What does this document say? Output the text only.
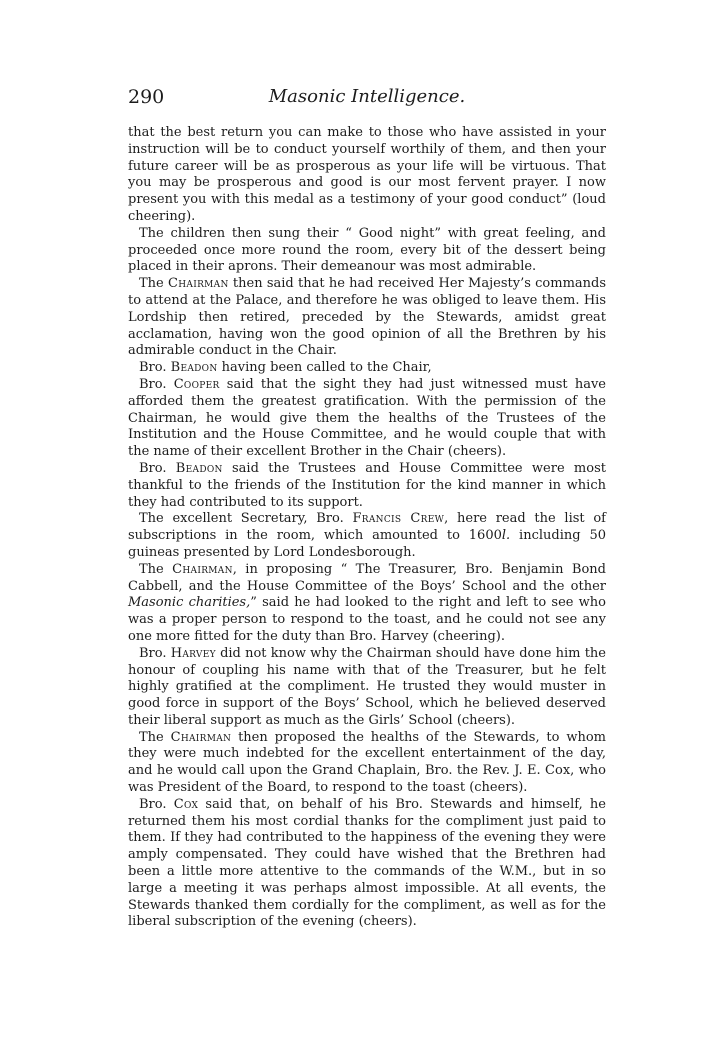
290	Masonic Intelligence.

that the best return you can make to those who have assisted in your instruction will be to conduct yourself worthily of them, and then your future career will be as prosperous as your life will be virtuous. That you may be prosperous and good is our most fervent prayer. I now present you with this medal as a testimony of your good conduct” (loud cheering).

The children then sung their “ Good night” with great feeling, and proceeded once more round the room, every bit of the dessert being placed in their aprons. Their demeanour was most admirable.

The Chairman then said that he had received Her Majesty’s commands to attend at the Palace, and therefore he was obliged to leave them. His Lordship then retired, preceded by the Stewards, amidst great acclamation, having won the good opinion of all the Brethren by his admirable conduct in the Chair.

Bro. Beadon having been called to the Chair,

Bro. Cooper said that the sight they had just witnessed must have afforded them the greatest gratification. With the permission of the Chairman, he would give them the healths of the Trustees of the Institution and the House Committee, and he would couple that with the name of their excellent Brother in the Chair (cheers).

Bro. Beadon said the Trustees and House Committee were most thankful to the friends of the Institution for the kind manner in which they had contributed to its support.

The excellent Secretary, Bro. Francis Crew, here read the list of subscriptions in the room, which amounted to 1600l. including 50 guineas presented by Lord Londesborough.

The Chairman, in proposing “ The Treasurer, Bro. Benjamin Bond Cabbell, and the House Committee of the Boys’ School and the other Masonic charities,” said he had looked to the right and left to see who was a proper person to respond to the toast, and he could not see any one more fitted for the duty than Bro. Harvey (cheering).

Bro. Harvey did not know why the Chairman should have done him the honour of coupling his name with that of the Treasurer, but he felt highly gratified at the compliment. He trusted they would muster in good force in support of the Boys’ School, which he believed deserved their liberal support as much as the Girls’ School (cheers).

The Chairman then proposed the healths of the Stewards, to whom they were much indebted for the excellent entertainment of the day, and he would call upon the Grand Chaplain, Bro. the Rev. J. E. Cox, who was President of the Board, to respond to the toast (cheers).

Bro. Cox said that, on behalf of his Bro. Stewards and himself, he returned them his most cordial thanks for the compliment just paid to them. If they had contributed to the happiness of the evening they were amply compensated. They could have wished that the Brethren had been a little more attentive to the commands of the W.M., but in so large a meeting it was perhaps almost impossible. At all events, the Stewards thanked them cordially for the compliment, as well as for the liberal subscription of the evening (cheers).
